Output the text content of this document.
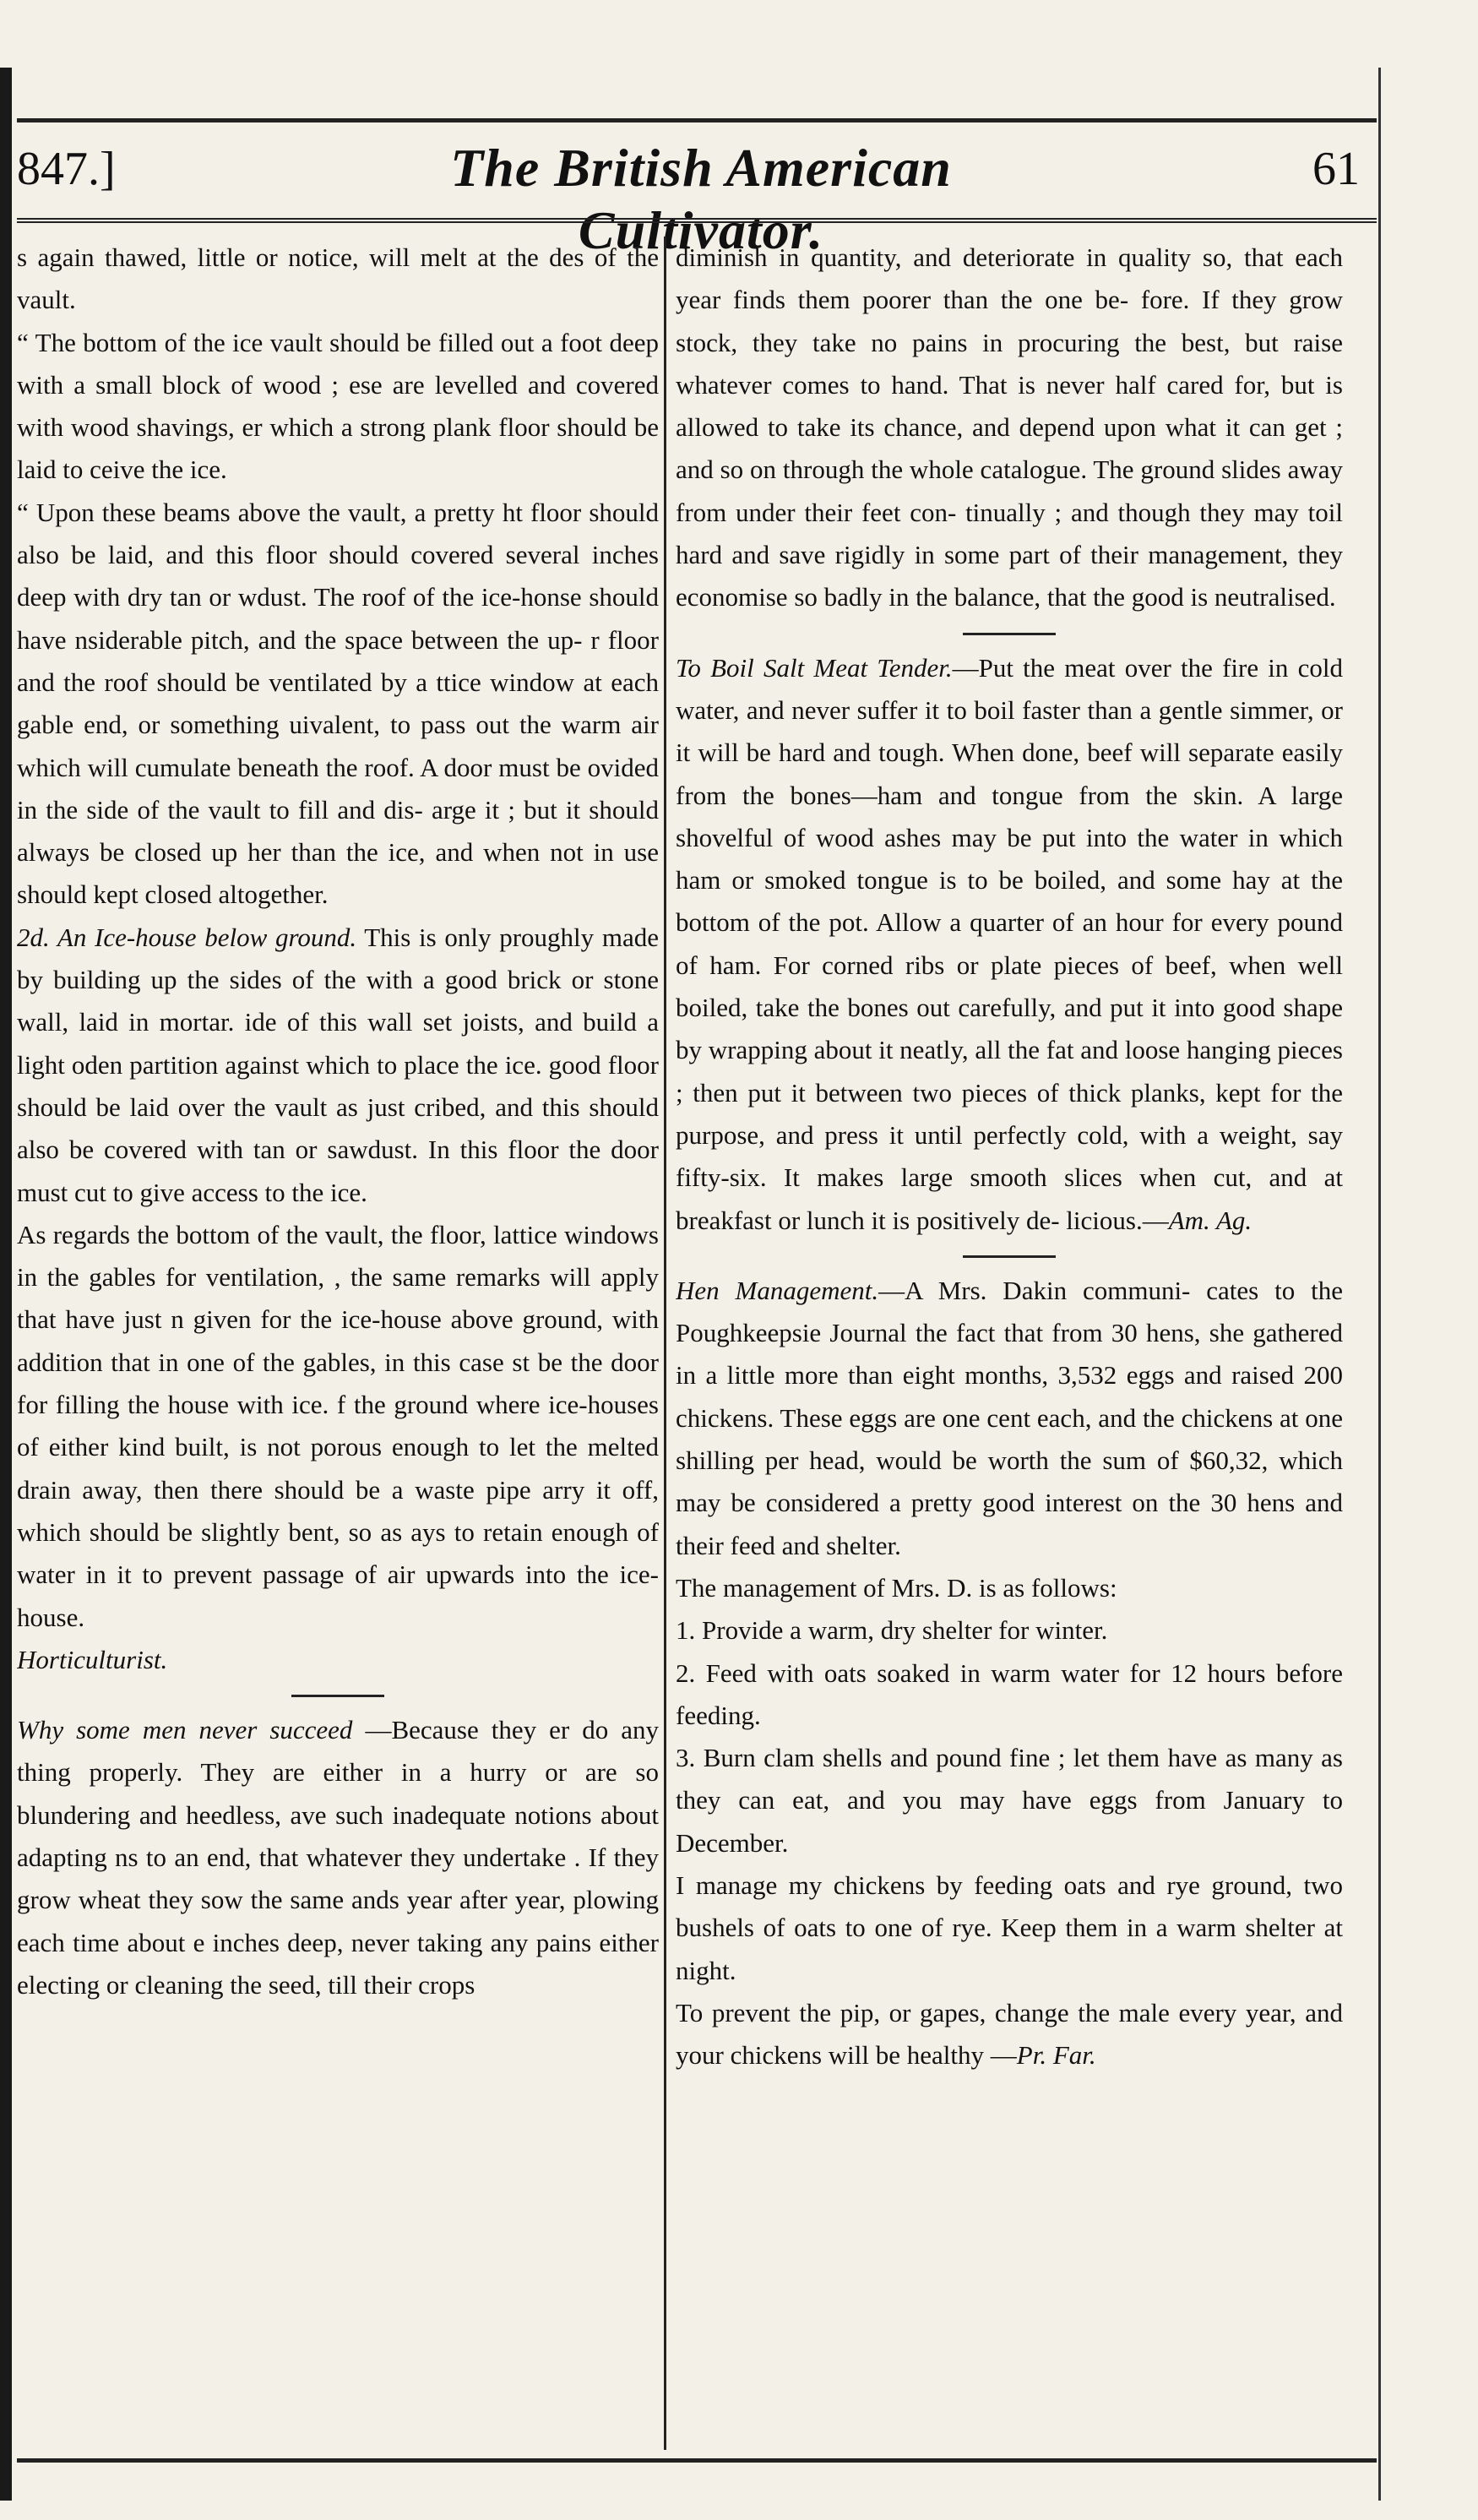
847.]	The British American Cultivator.
61

s again thawed, little or notice, will melt at the des of the vault.

“ The bottom of the ice vault should be filled out a foot deep with a small block of wood ; ese are levelled and covered with wood shavings, er which a strong plank floor should be laid to ceive the ice.

“ Upon these beams above the vault, a pretty ht floor should also be laid, and this floor should covered several inches deep with dry tan or wdust. The roof of the ice-honse should have nsiderable pitch, and the space between the up- r floor and the roof should be ventilated by a ttice window at each gable end, or something uivalent, to pass out the warm air which will cumulate beneath the roof. A door must be ovided in the side of the vault to fill and dis- arge it ; but it should always be closed up her than the ice, and when not in use should kept closed altogether.

2d. An Ice-house below ground. This is only proughly made by building up the sides of the with a good brick or stone wall, laid in mortar. ide of this wall set joists, and build a light oden partition against which to place the ice. good floor should be laid over the vault as just cribed, and this should also be covered with tan or sawdust. In this floor the door must cut to give access to the ice.

As regards the bottom of the vault, the floor, lattice windows in the gables for ventilation, , the same remarks will apply that have just n given for the ice-house above ground, with addition that in one of the gables, in this case st be the door for filling the house with ice. f the ground where ice-houses of either kind built, is not porous enough to let the melted drain away, then there should be a waste pipe arry it off, which should be slightly bent, so as ays to retain enough of water in it to prevent passage of air upwards into the ice-house.

Horticulturist.

Why some men never succeed —Because they er do any thing properly. They are either in a hurry or are so blundering and heedless, ave such inadequate notions about adapting ns to an end, that whatever they undertake . If they grow wheat they sow the same ands year after year, plowing each time about e inches deep, never taking any pains either electing or cleaning the seed, till their crops

diminish in quantity, and deteriorate in quality so, that each year finds them poorer than the one be- fore. If they grow stock, they take no pains in procuring the best, but raise whatever comes to hand. That is never half cared for, but is allowed to take its chance, and depend upon what it can get ; and so on through the whole catalogue. The ground slides away from under their feet con- tinually ; and though they may toil hard and save rigidly in some part of their management, they economise so badly in the balance, that the good is neutralised.

To Boil Salt Meat Tender.—Put the meat over the fire in cold water, and never suffer it to boil faster than a gentle simmer, or it will be hard and tough. When done, beef will separate easily from the bones—ham and tongue from the skin. A large shovelful of wood ashes may be put into the water in which ham or smoked tongue is to be boiled, and some hay at the bottom of the pot. Allow a quarter of an hour for every pound of ham. For corned ribs or plate pieces of beef, when well boiled, take the bones out carefully, and put it into good shape by wrapping about it neatly, all the fat and loose hanging pieces ; then put it between two pieces of thick planks, kept for the purpose, and press it until perfectly cold, with a weight, say fifty-six. It makes large smooth slices when cut, and at breakfast or lunch it is positively de- licious.—Am. Ag.

Hen Management.—A Mrs. Dakin communi- cates to the Poughkeepsie Journal the fact that from 30 hens, she gathered in a little more than eight months, 3,532 eggs and raised 200 chickens. These eggs are one cent each, and the chickens at one shilling per head, would be worth the sum of $60,32, which may be considered a pretty good interest on the 30 hens and their feed and shelter.

The management of Mrs. D. is as follows:

1. Provide a warm, dry shelter for winter.

2. Feed with oats soaked in warm water for 12 hours before feeding.

3. Burn clam shells and pound fine ; let them have as many as they can eat, and you may have eggs from January to December.

I manage my chickens by feeding oats and rye ground, two bushels of oats to one of rye. Keep them in a warm shelter at night.

To prevent the pip, or gapes, change the male every year, and your chickens will be healthy —Pr. Far.
